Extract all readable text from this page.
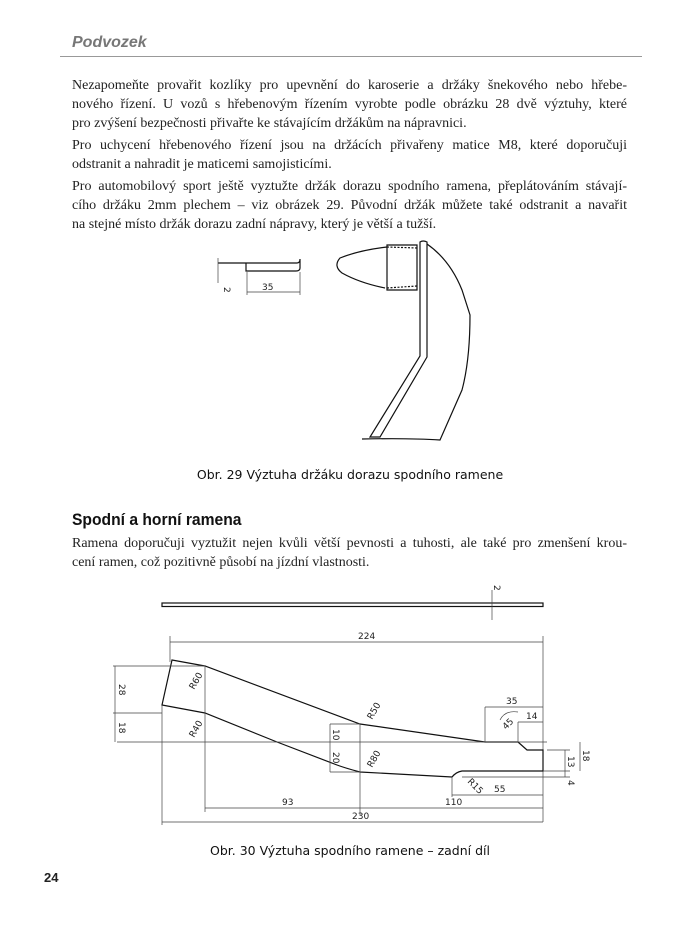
Podvozek
Nezapomeňte provařit kozlíky pro upevnění do karoserie a držáky šnekového nebo hřebe-
nového řízení. U vozů s hřebenovým řízením vyrobte podle obrázku 28 dvě výztuhy, které
pro zvýšení bezpečnosti přivařte ke stávajícím držákům na nápravnici.
Pro uchycení hřebenového řízení jsou na držácích přivařeny matice M8, které doporučuji
odstranit a nahradit je maticemi samojisticími.
Pro automobilový sport ještě vyztužte držák dorazu spodního ramena, přeplátováním stávají-
cího držáku 2mm plechem – viz obrázek 29. Původní držák můžete také odstranit a navařit
na stejné místo držák dorazu zadní nápravy, který je větší a tužší.
2	35
Obr. 29 Výztuha držáku dorazu spodního ramene
Spodní a horní ramena
Ramena doporučuji vyztužit nejen kvůli větší pevnosti a tuhosti, ale také pro zmenšení krou-
cení ramen, což pozitivně působí na jízdní vlastnosti.
2
224
28
18
R60
R40
R50
R80
10
20
35
14
45
18
13
4
R15 55
93	110
230
Obr. 30 Výztuha spodního ramene – zadní díl
24
